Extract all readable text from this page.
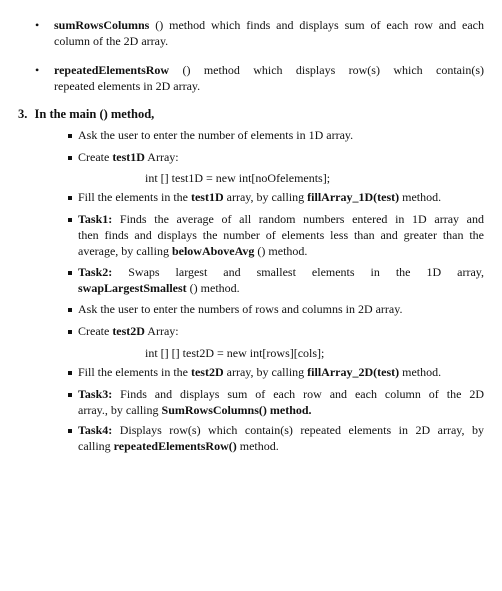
• sumRowsColumns () method which finds and displays sum of each row and each
column of the 2D array.
• repeatedElementsRow () method which displays row(s) which contain(s)
repeated elements in 2D array.
3. In the main () method,
Ask the user to enter the number of elements in 1D array.
Create test1D Array:
int [] test1D = new int[noOfelements];
Fill the elements in the test1D array, by calling fillArray_1D(test) method.
Task1: Finds the average of all random numbers entered in 1D array and
then finds and displays the number of elements less than and greater than the
average, by calling belowAboveAvg () method.
Task2: Swaps largest and smallest elements in the 1D array,
swapLargestSmallest () method.
Ask the user to enter the numbers of rows and columns in 2D array.
Create test2D Array:
int [] [] test2D = new int[rows][cols];
Fill the elements in the test2D array, by calling fillArray_2D(test) method.
Task3: Finds and displays sum of each row and each column of the 2D
array., by calling SumRowsColumns() method.
Task4: Displays row(s) which contain(s) repeated elements in 2D array, by
calling repeatedElementsRow() method.
